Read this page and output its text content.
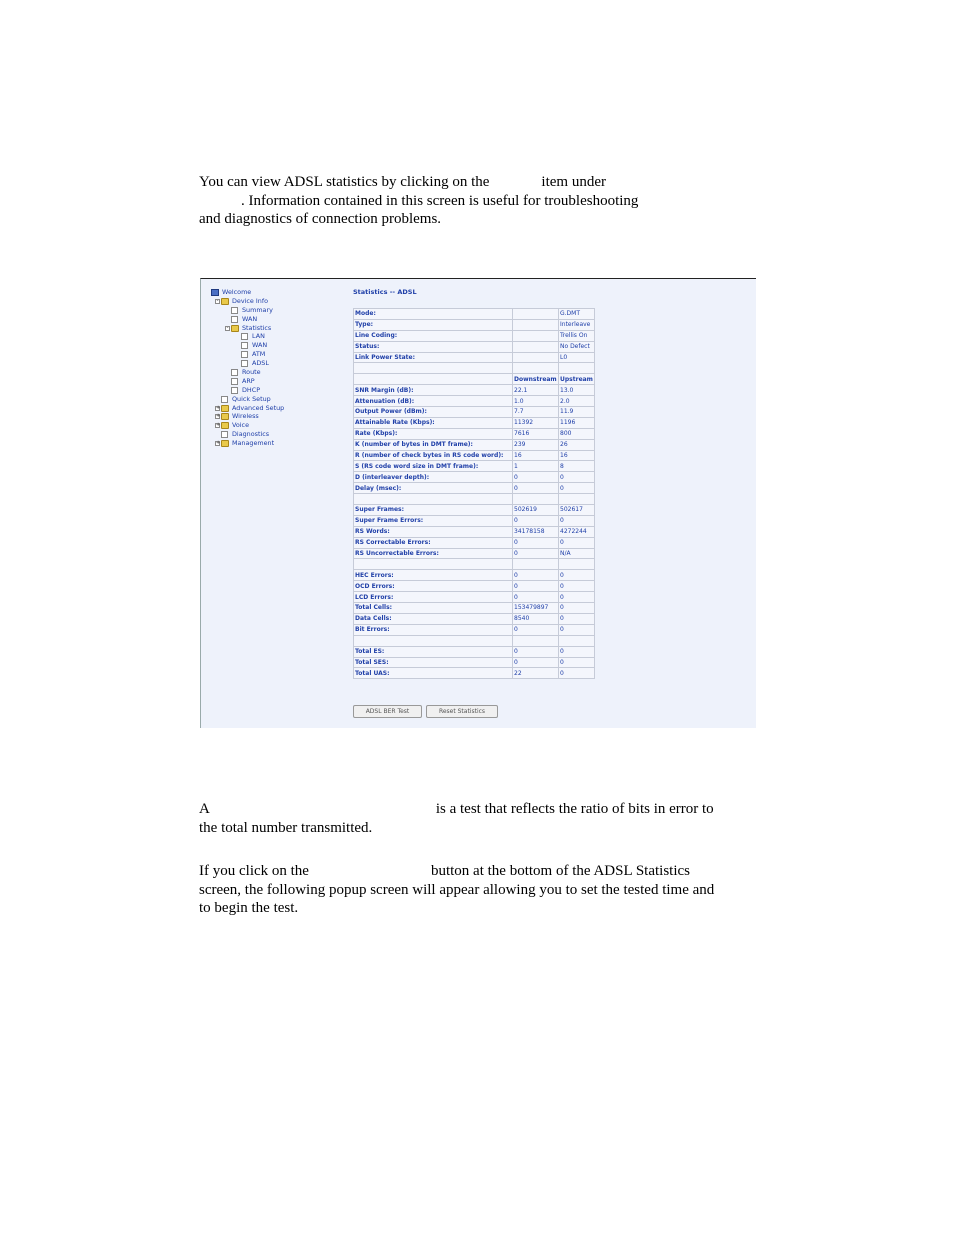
You can view ADSL statistics by clicking on the	item under
. Information contained in this screen is useful for troubleshooting
and diagnostics of connection problems.

Welcome
- Device Info
Summary
WAN
- Statistics
LAN
WAN
ATM
ADSL
Route
ARP
DHCP
Quick Setup
+ Advanced Setup
+ Wireless
+ Voice
Diagnostics
+ Management
Statistics -- ADSL
Mode:		G.DMT
Type:		Interleave
Line Coding:		Trellis On
Status:		No Defect
Link Power State:		L0

	Downstream	Upstream
SNR Margin (dB):	22.1	13.0
Attenuation (dB):	1.0	2.0
Output Power (dBm):	7.7	11.9
Attainable Rate (Kbps):	11392	1196
Rate (Kbps):	7616	800
K (number of bytes in DMT frame):	239	26
R (number of check bytes in RS code word):	16	16
S (RS code word size in DMT frame):	1	8
D (interleaver depth):	0	0
Delay (msec):	0	0

Super Frames:	502619	502617
Super Frame Errors:	0	0
RS Words:	34178158	4272244
RS Correctable Errors:	0	0
RS Uncorrectable Errors:	0	N/A

HEC Errors:	0	0
OCD Errors:	0	0
LCD Errors:	0	0
Total Cells:	153479897	0
Data Cells:	8540	0
Bit Errors:	0	0

Total ES:	0	0
Total SES:	0	0
Total UAS:	22	0
ADSL BER Test	Reset Statistics

A	is a test that reflects the ratio of bits in error to
the total number transmitted.

If you click on the	button at the bottom of the ADSL Statistics
screen, the following popup screen will appear allowing you to set the tested time and
to begin the test.
